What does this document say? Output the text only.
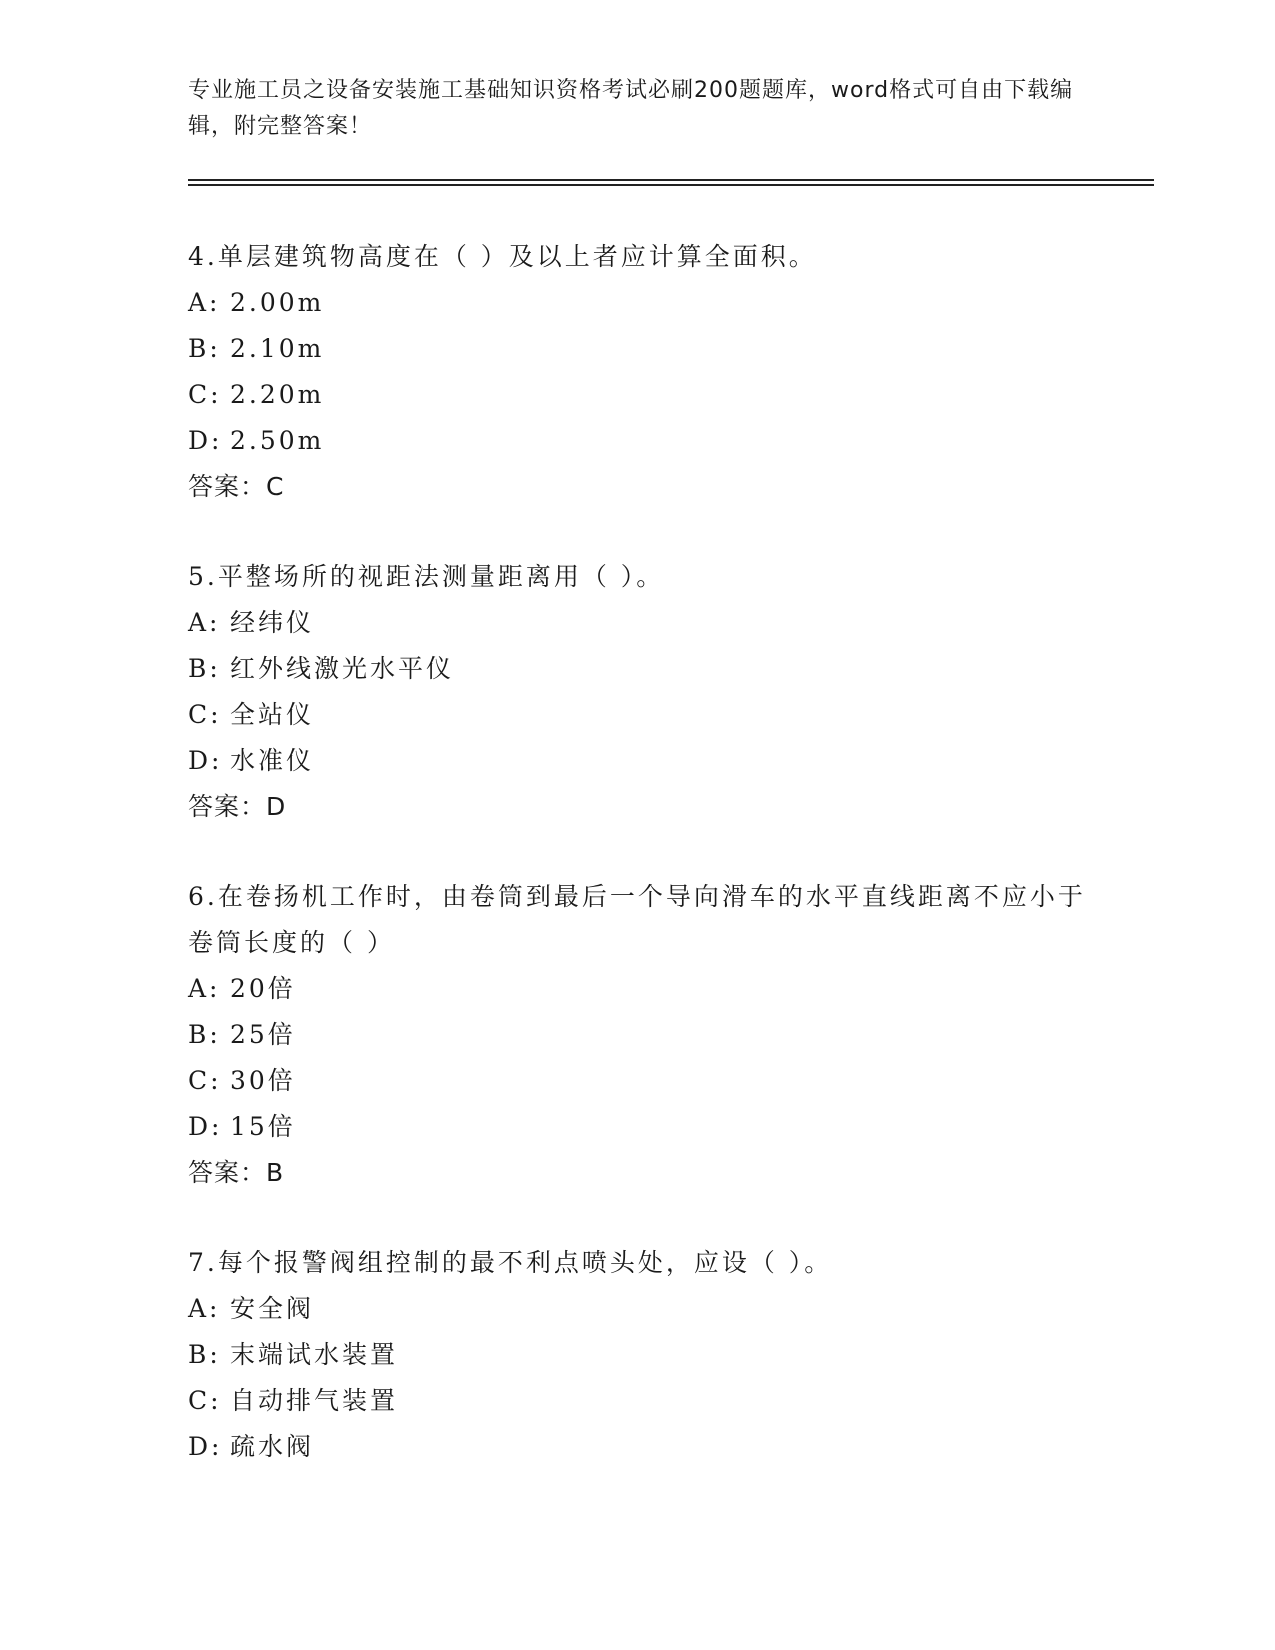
专业施工员之设备安装施工基础知识资格考试必刷200题题库，word格式可自由下载编辑，附完整答案！
4.单层建筑物高度在（ ）及以上者应计算全面积。
A: 2.00m
B: 2.10m
C: 2.20m
D: 2.50m
答案：C
5.平整场所的视距法测量距离用（ ）。
A: 经纬仪
B: 红外线激光水平仪
C: 全站仪
D: 水准仪
答案：D
6.在卷扬机工作时，由卷筒到最后一个导向滑车的水平直线距离不应小于卷筒长度的（ ）
A: 20倍
B: 25倍
C: 30倍
D: 15倍
答案：B
7.每个报警阀组控制的最不利点喷头处，应设（ ）。
A: 安全阀
B: 末端试水装置
C: 自动排气装置
D: 疏水阀
